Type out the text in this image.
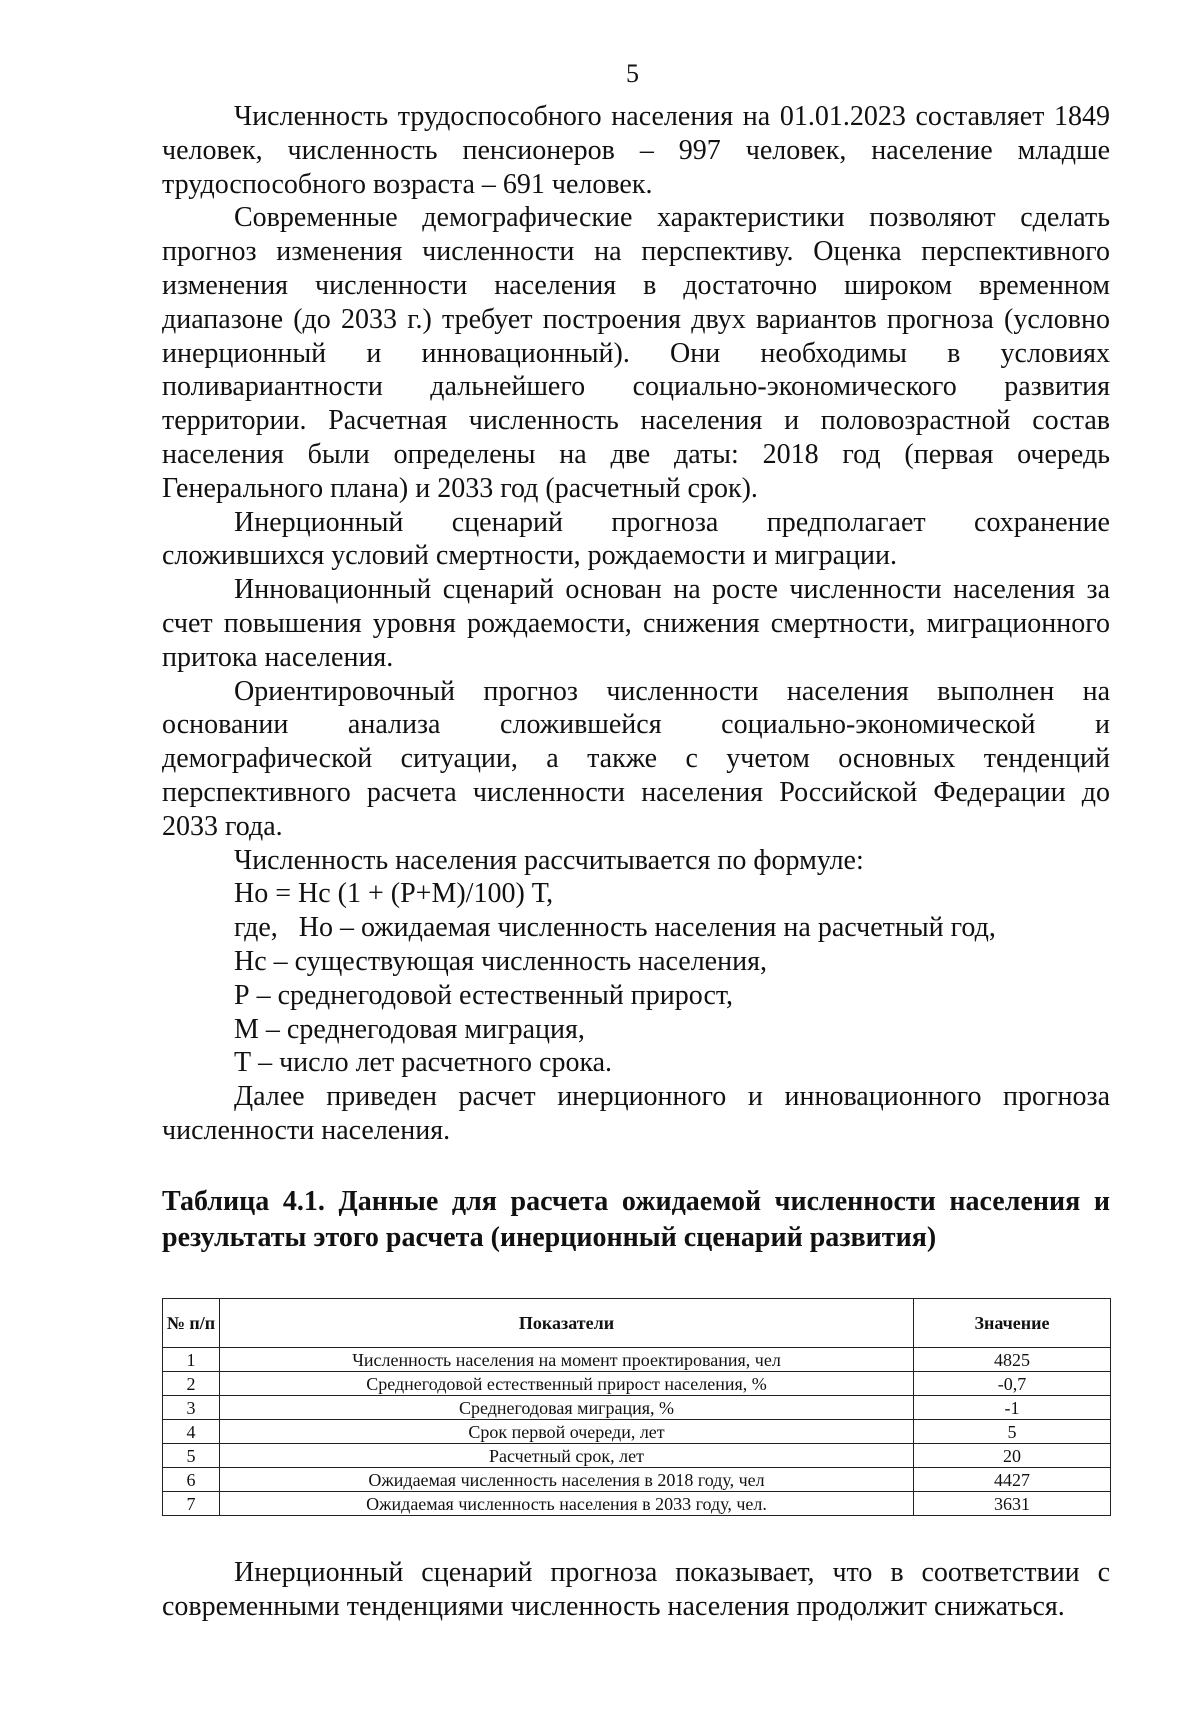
5

Численность трудоспособного населения на 01.01.2023 составляет 1849 человек, численность пенсионеров – 997 человек, население младше трудоспособного возраста – 691 человек.

Современные демографические характеристики позволяют сделать прогноз изменения численности на перспективу. Оценка перспективного изменения численности населения в достаточно широком временном диапазоне (до 2033 г.) требует построения двух вариантов прогноза (условно инерционный и инновационный). Они необходимы в условиях поливариантности дальнейшего социально-экономического развития территории. Расчетная численность населения и половозрастной состав населения были определены на две даты: 2018 год (первая очередь Генерального плана) и 2033 год (расчетный срок).

Инерционный сценарий прогноза предполагает сохранение сложившихся условий смертности, рождаемости и миграции.

Инновационный сценарий основан на росте численности населения за счет повышения уровня рождаемости, снижения смертности, миграционного притока населения.

Ориентировочный прогноз численности населения выполнен на основании анализа сложившейся социально-экономической и демографической ситуации, а также с учетом основных тенденций перспективного расчета численности населения Российской Федерации до 2033 года.

Численность населения рассчитывается по формуле:

Но = Нс (1 + (Р+М)/100) Т,

где,   Но – ожидаемая численность населения на расчетный год,

Нс – существующая численность населения,

Р – среднегодовой естественный прирост,

М – среднегодовая миграция,

Т – число лет расчетного срока.

Далее приведен расчет инерционного и инновационного прогноза численности населения.

Таблица 4.1. Данные для расчета ожидаемой численности населения и результаты этого расчета (инерционный сценарий развития)
№ п/п	Показатели	Значение
1	Численность населения на момент проектирования, чел	4825
2	Среднегодовой естественный прирост населения, %	-0,7
3	Среднегодовая миграция, %	-1
4	Срок первой очереди, лет	5
5	Расчетный срок, лет	20
6	Ожидаемая численность населения в 2018 году, чел	4427
7	Ожидаемая численность населения в 2033 году, чел.	3631

Инерционный сценарий прогноза показывает, что в соответствии с современными тенденциями численность населения продолжит снижаться.
